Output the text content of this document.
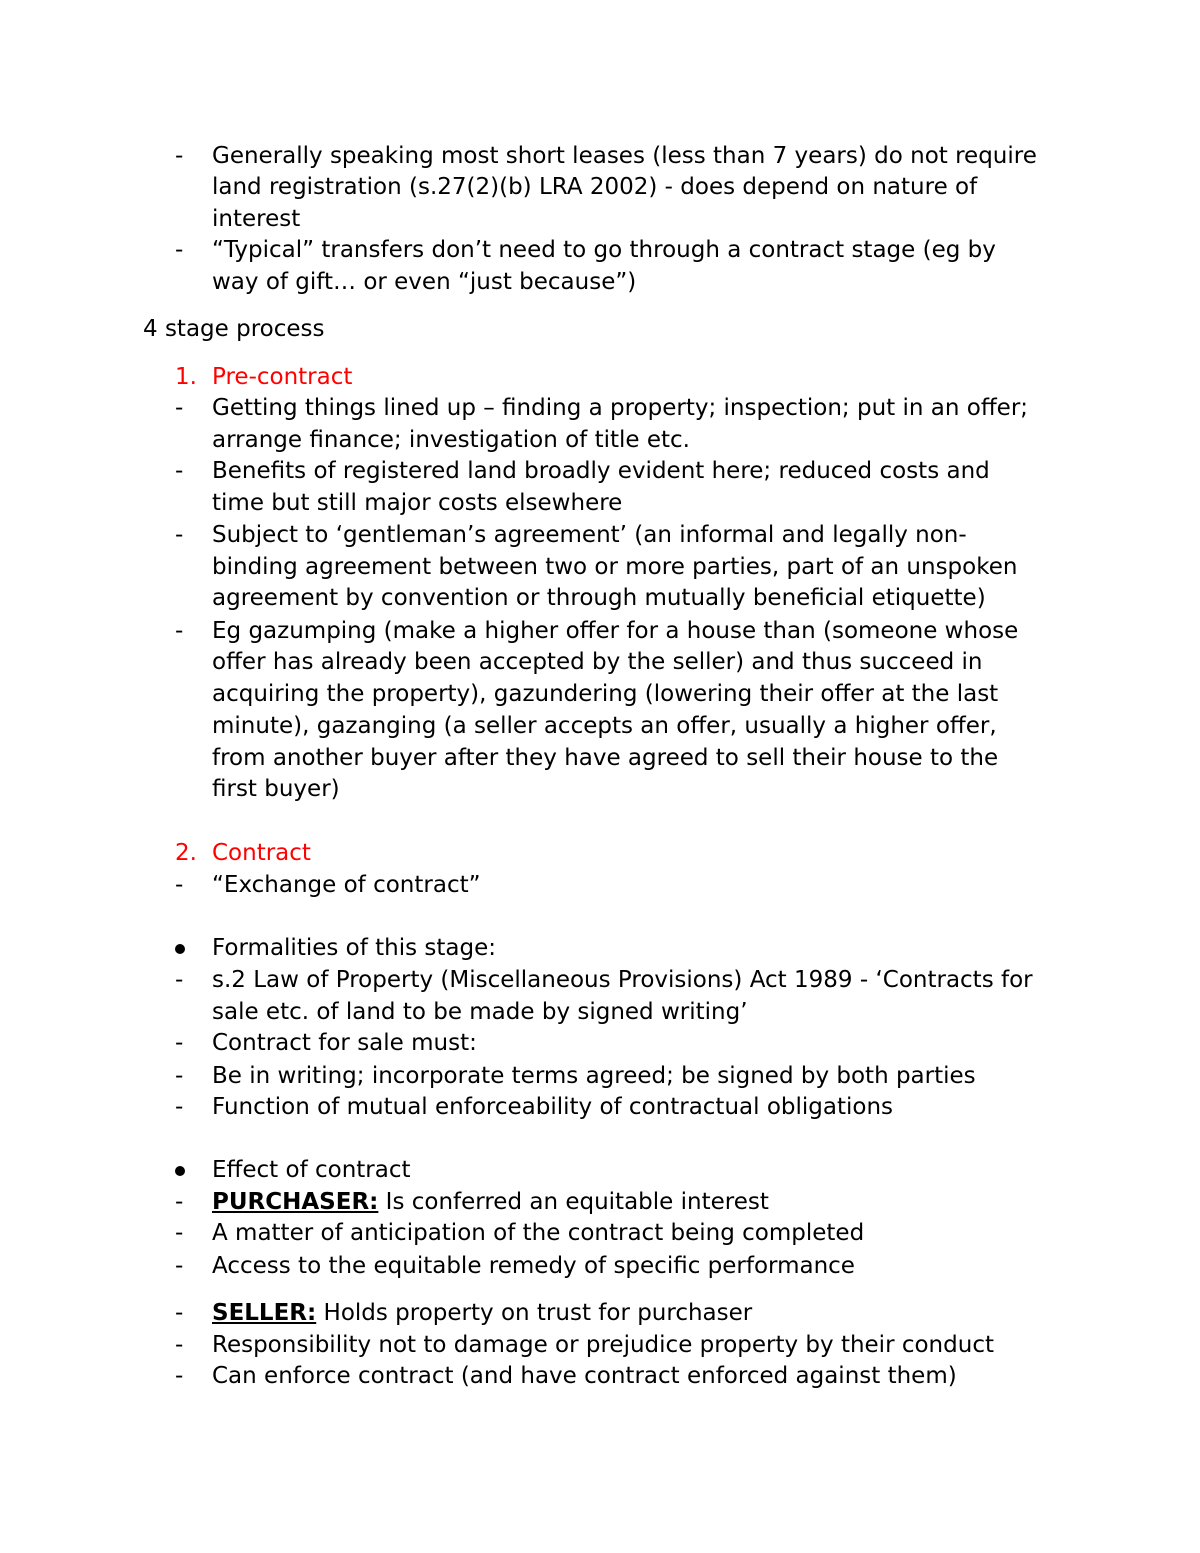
- Generally speaking most short leases (less than 7 years) do not require
land registration (s.27(2)(b) LRA 2002) - does depend on nature of
interest
- “Typical” transfers don’t need to go through a contract stage (eg by
way of gift… or even “just because”)
4 stage process
1. Pre-contract
- Getting things lined up – finding a property; inspection; put in an offer;
arrange finance; investigation of title etc.
- Benefits of registered land broadly evident here; reduced costs and
time but still major costs elsewhere
- Subject to ‘gentleman’s agreement’ (an informal and legally non-
binding agreement between two or more parties, part of an unspoken
agreement by convention or through mutually beneficial etiquette)
- Eg gazumping (make a higher offer for a house than (someone whose
offer has already been accepted by the seller) and thus succeed in
acquiring the property), gazundering (lowering their offer at the last
minute), gazanging (a seller accepts an offer, usually a higher offer,
from another buyer after they have agreed to sell their house to the
first buyer)
2. Contract
- “Exchange of contract”
Formalities of this stage:
- s.2 Law of Property (Miscellaneous Provisions) Act 1989 - ‘Contracts for
sale etc. of land to be made by signed writing’
- Contract for sale must:
- Be in writing; incorporate terms agreed; be signed by both parties
- Function of mutual enforceability of contractual obligations
Effect of contract
- PURCHASER: Is conferred an equitable interest
- A matter of anticipation of the contract being completed
- Access to the equitable remedy of specific performance
- SELLER: Holds property on trust for purchaser
- Responsibility not to damage or prejudice property by their conduct
- Can enforce contract (and have contract enforced against them)
